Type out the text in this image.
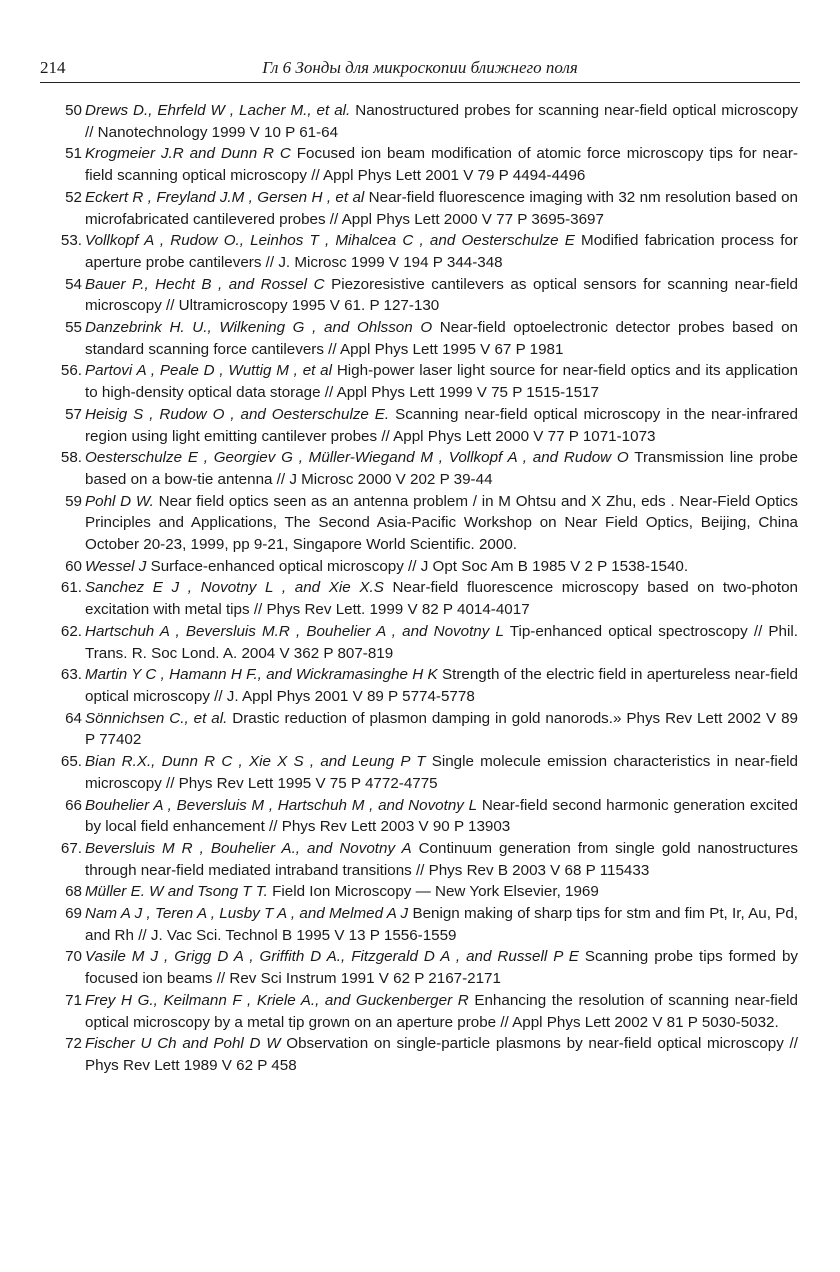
214	Гл 6 Зонды для микроскопии ближнего поля
50 Drews D., Ehrfeld W , Lacher M., et al. Nanostructured probes for scanning near-field optical microscopy // Nanotechnology 1999 V 10 P 61-64
51 Krogmeier J.R and Dunn R C Focused ion beam modification of atomic force microscopy tips for near-field scanning optical microscopy // Appl Phys Lett 2001 V 79 P 4494-4496
52 Eckert R , Freyland J.M , Gersen H , et al Near-field fluorescence imaging with 32 nm resolution based on microfabricated cantilevered probes // Appl Phys Lett 2000 V 77 P 3695-3697
53. Vollkopf A , Rudow O., Leinhos T , Mihalcea C , and Oesterschulze E Modified fabrication process for aperture probe cantilevers // J. Microsc 1999 V 194 P 344-348
54 Bauer P., Hecht B , and Rossel C Piezoresistive cantilevers as optical sensors for scanning near-field microscopy // Ultramicroscopy 1995 V 61. P 127-130
55 Danzebrink H. U., Wilkening G , and Ohlsson O Near-field optoelectronic detector probes based on standard scanning force cantilevers // Appl Phys Lett 1995 V 67 P 1981
56. Partovi A , Peale D , Wuttig M , et al High-power laser light source for near-field optics and its application to high-density optical data storage // Appl Phys Lett 1999 V 75 P 1515-1517
57 Heisig S , Rudow O , and Oesterschulze E. Scanning near-field optical microscopy in the near-infrared region using light emitting cantilever probes // Appl Phys Lett 2000 V 77 P 1071-1073
58. Oesterschulze E , Georgiev G , Müller-Wiegand M , Vollkopf A , and Rudow O Transmission line probe based on a bow-tie antenna // J Microsc 2000 V 202 P 39-44
59 Pohl D W. Near field optics seen as an antenna problem / in M Ohtsu and X Zhu, eds . Near-Field Optics Principles and Applications, The Second Asia-Pacific Workshop on Near Field Optics, Beijing, China October 20-23, 1999, pp 9-21, Singapore World Scientific. 2000.
60 Wessel J Surface-enhanced optical microscopy // J Opt Soc Am B 1985 V 2 P 1538-1540.
61. Sanchez E J , Novotny L , and Xie X.S Near-field fluorescence microscopy based on two-photon excitation with metal tips // Phys Rev Lett. 1999 V 82 P 4014-4017
62. Hartschuh A , Beversluis M.R , Bouhelier A , and Novotny L Tip-enhanced optical spectroscopy // Phil. Trans. R. Soc Lond. A. 2004 V 362 P 807-819
63. Martin Y C , Hamann H F., and Wickramasinghe H K Strength of the electric field in apertureless near-field optical microscopy // J. Appl Phys 2001 V 89 P 5774-5778
64 Sönnichsen C., et al. Drastic reduction of plasmon damping in gold nanorods.» Phys Rev Lett 2002 V 89 P 77402
65. Bian R.X., Dunn R C , Xie X S , and Leung P T Single molecule emission characteristics in near-field microscopy // Phys Rev Lett 1995 V 75 P 4772-4775
66 Bouhelier A , Beversluis M , Hartschuh M , and Novotny L Near-field second harmonic generation excited by local field enhancement // Phys Rev Lett 2003 V 90 P 13903
67. Beversluis M R , Bouhelier A., and Novotny A Continuum generation from single gold nanostructures through near-field mediated intraband transitions // Phys Rev B 2003 V 68 P 115433
68 Müller E. W and Tsong T T. Field Ion Microscopy — New York Elsevier, 1969
69 Nam A J , Teren A , Lusby T A , and Melmed A J Benign making of sharp tips for stm and fim Pt, Ir, Au, Pd, and Rh // J. Vac Sci. Technol B 1995 V 13 P 1556-1559
70 Vasile M J , Grigg D A , Griffith D A., Fitzgerald D A , and Russell P E Scanning probe tips formed by focused ion beams // Rev Sci Instrum 1991 V 62 P 2167-2171
71 Frey H G., Keilmann F , Kriele A., and Guckenberger R Enhancing the resolution of scanning near-field optical microscopy by a metal tip grown on an aperture probe // Appl Phys Lett 2002 V 81 P 5030-5032.
72 Fischer U Ch and Pohl D W Observation on single-particle plasmons by near-field optical microscopy // Phys Rev Lett 1989 V 62 P 458
